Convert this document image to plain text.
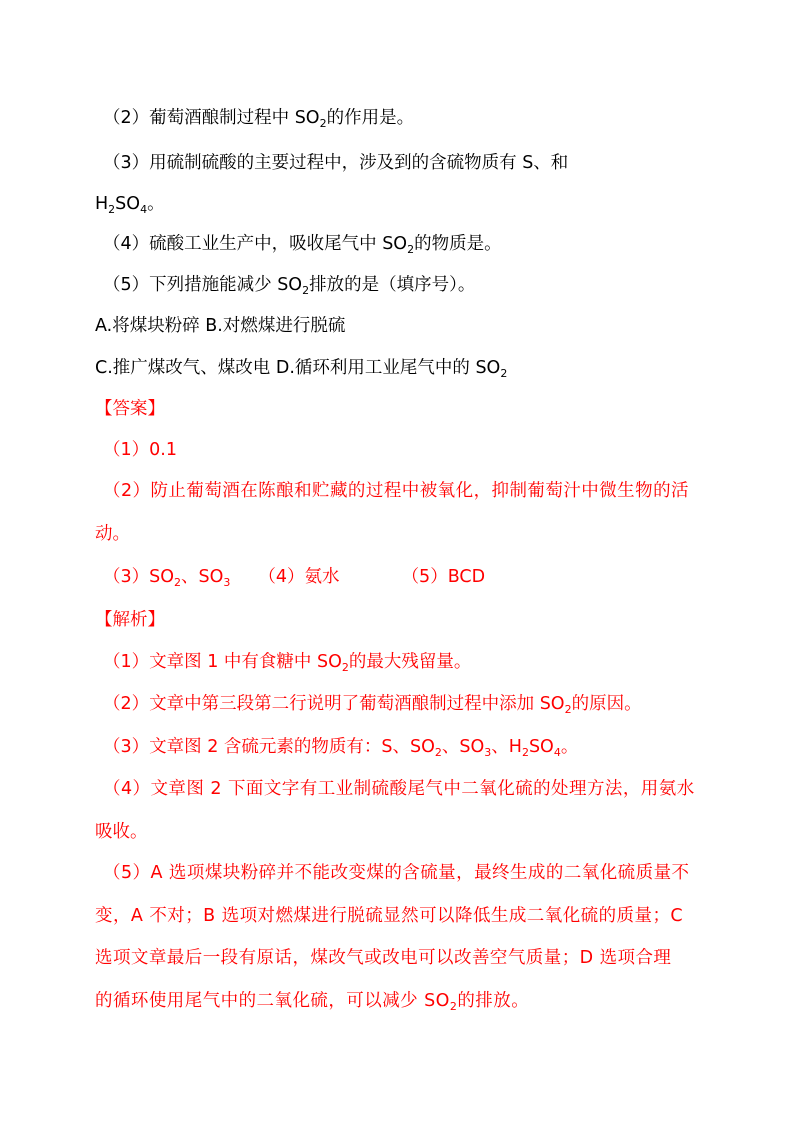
（2）葡萄酒酿制过程中 $SO_2$的作用是。
（3）用硫制硫酸的主要过程中，涉及到的含硫物质有 S、和
$H_2SO_4$。
（4）硫酸工业生产中，吸收尾气中 $SO_2$的物质是。
（5）下列措施能减少 $SO_2$排放的是（填序号）。
A.将煤块粉碎 B.对燃煤进行脱硫
C.推广煤改气、煤改电 D.循环利用工业尾气中的 $SO_2$
【答案】
（1）0.1
（2）防止葡萄酒在陈酿和贮藏的过程中被氧化，抑制葡萄汁中微生物的活
动。
$(3)SO_2$、$SO_3$ （4）氨水	（5）BCD
【解析】
（1）文章图 1 中有食糖中 $SO_2$的最大残留量。
（2）文章中第三段第二行说明了葡萄酒酿制过程中添加 $SO_2$的原因。
（3）文章图 2 含硫元素的物质有：S、$SO_2$、$SO_3$、$H_2SO_4$。
（4）文章图 2 下面文字有工业制硫酸尾气中二氧化硫的处理方法，用氨水
吸收。
（5）A 选项煤块粉碎并不能改变煤的含硫量，最终生成的二氧化硫质量不
变，A 不对；B 选项对燃煤进行脱硫显然可以降低生成二氧化硫的质量；C
选项文章最后一段有原话，煤改气或改电可以改善空气质量；D 选项合理
的循环使用尾气中的二氧化硫，可以减少 $SO_2$的排放。
